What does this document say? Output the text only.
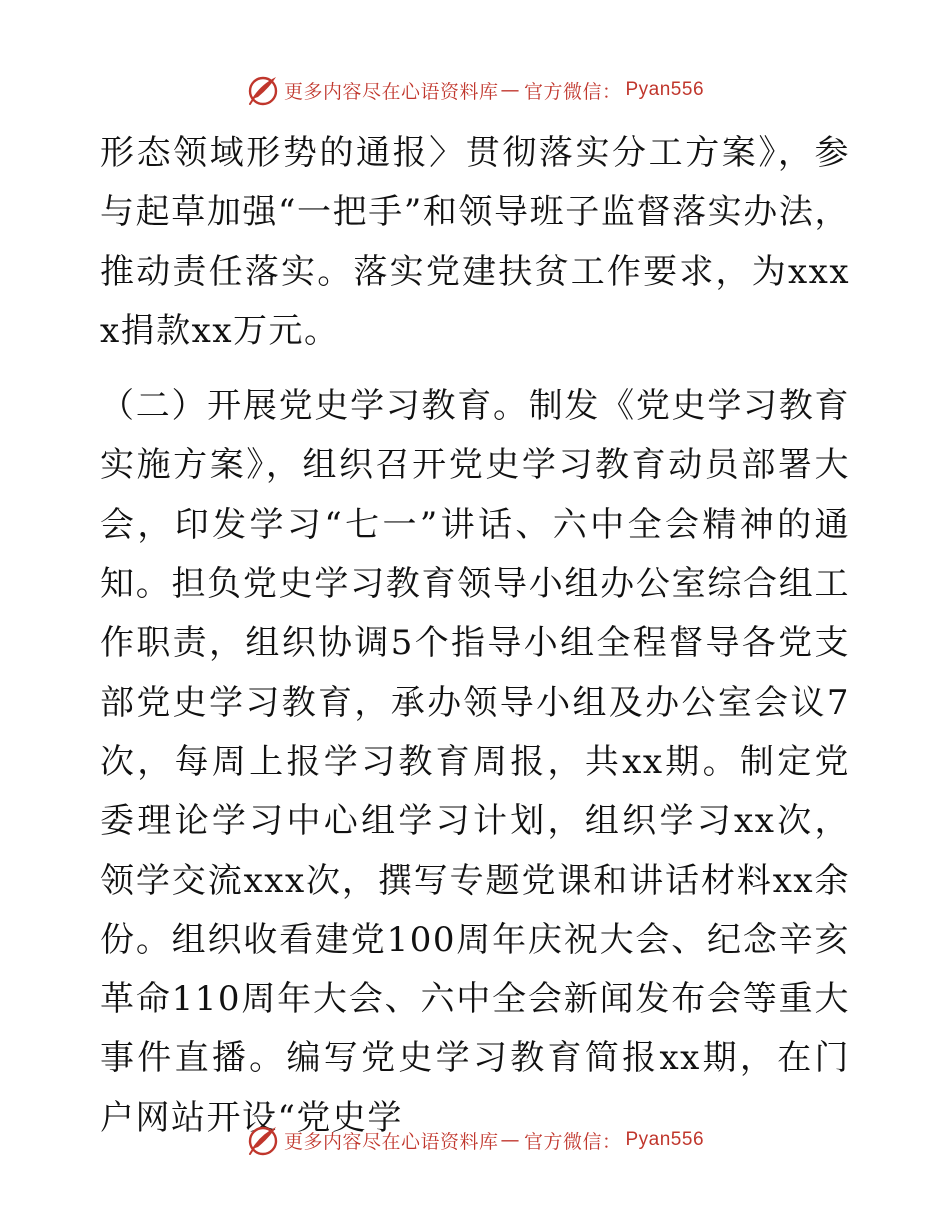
更多内容尽在心语资料库 — 官方微信： Pyan556

形态领域形势的通报〉贯彻落实分工方案》，参与起草加强“一把手”和领导班子监督落实办法，推动责任落实。落实党建扶贫工作要求，为xxxx捐款xx万元。

（二）开展党史学习教育。制发《党史学习教育实施方案》，组织召开党史学习教育动员部署大会，印发学习“七一”讲话、六中全会精神的通知。担负党史学习教育领导小组办公室综合组工作职责，组织协调5个指导小组全程督导各党支部党史学习教育，承办领导小组及办公室会议7次，每周上报学习教育周报，共xx期。制定党委理论学习中心组学习计划，组织学习xx次，领学交流xxx次，撰写专题党课和讲话材料xx余份。组织收看建党100周年庆祝大会、纪念辛亥革命110周年大会、六中全会新闻发布会等重大事件直播。编写党史学习教育简报xx期，在门户网站开设“党史学

更多内容尽在心语资料库 — 官方微信： Pyan556
